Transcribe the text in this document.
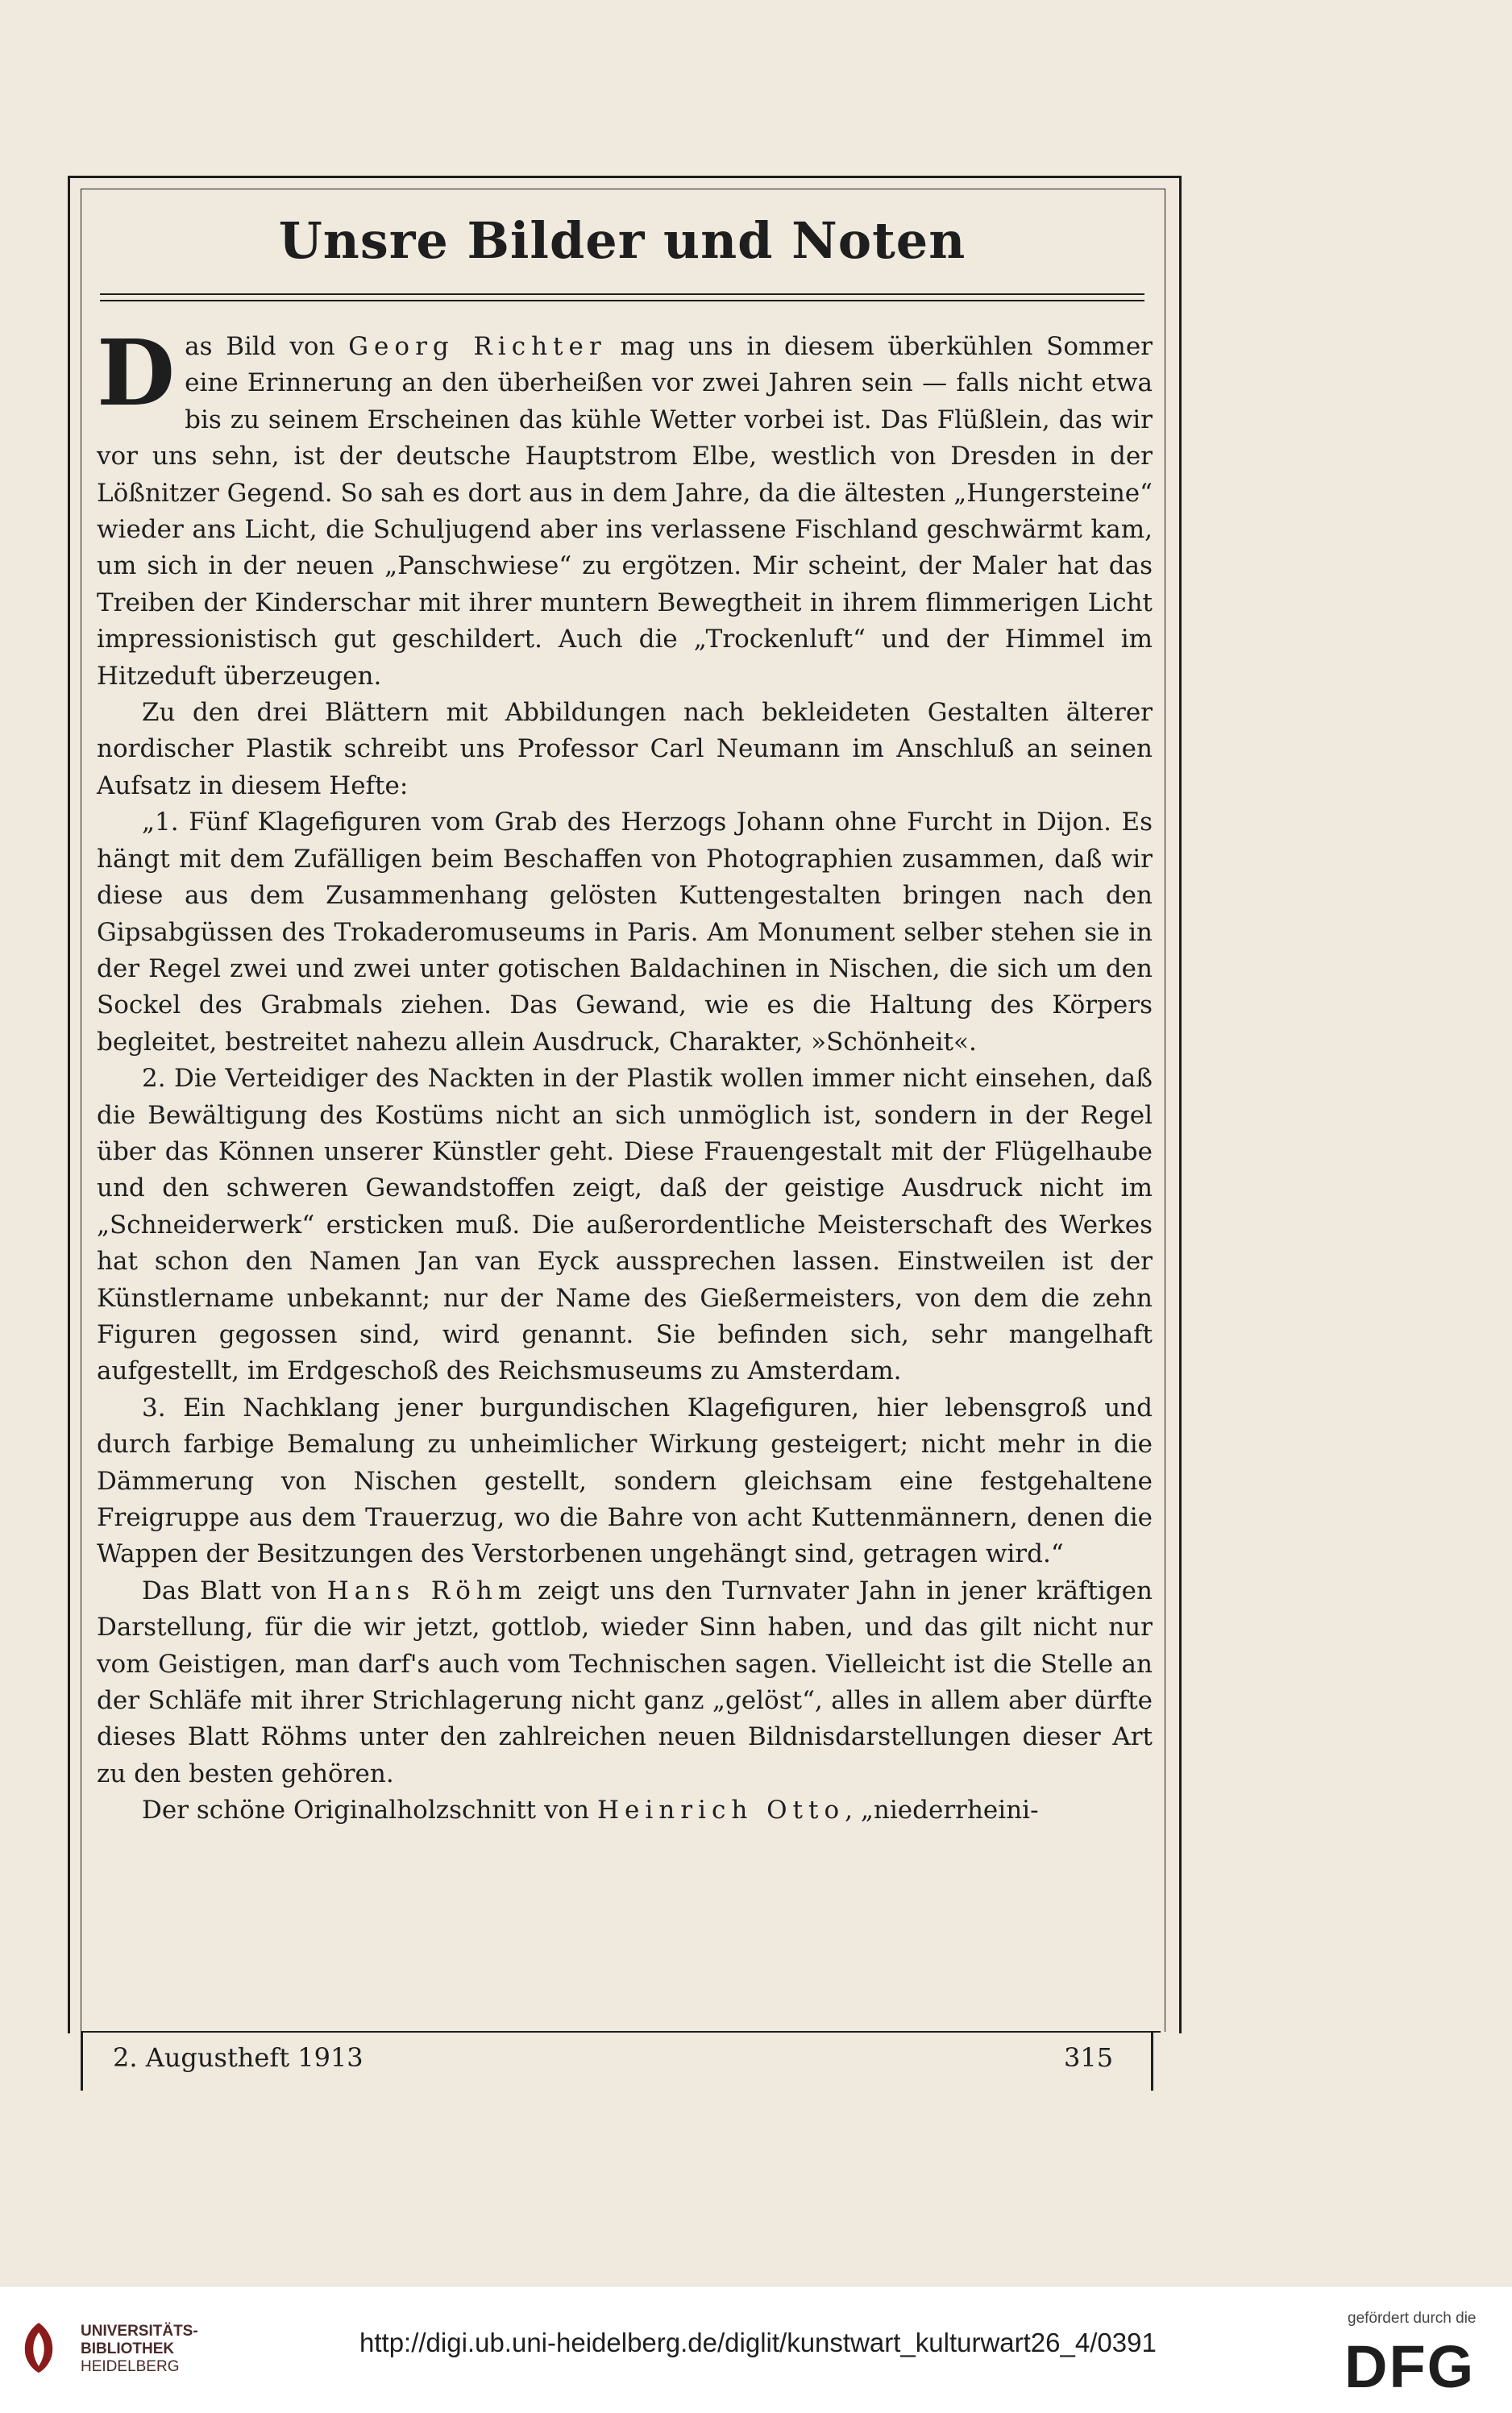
Unsre Bilder und Noten

Das Bild von Georg Richter mag uns in diesem überkühlen Sommer eine Erinnerung an den überheißen vor zwei Jahren sein — falls nicht etwa bis zu seinem Erscheinen das kühle Wetter vorbei ist. Das Flüßlein, das wir vor uns sehn, ist der deutsche Hauptstrom Elbe, westlich von Dresden in der Lößnitzer Gegend. So sah es dort aus in dem Jahre, da die ältesten „Hungersteine“ wieder ans Licht, die Schuljugend aber ins verlassene Fischland geschwärmt kam, um sich in der neuen „Panschwiese“ zu ergötzen. Mir scheint, der Maler hat das Treiben der Kinderschar mit ihrer muntern Bewegtheit in ihrem flimmerigen Licht impressionistisch gut geschildert. Auch die „Trockenluft“ und der Himmel im Hitzeduft überzeugen.

Zu den drei Blättern mit Abbildungen nach bekleideten Gestalten älterer nordischer Plastik schreibt uns Professor Carl Neumann im Anschluß an seinen Aufsatz in diesem Hefte:

„1. Fünf Klagefiguren vom Grab des Herzogs Johann ohne Furcht in Dijon. Es hängt mit dem Zufälligen beim Beschaffen von Photographien zusammen, daß wir diese aus dem Zusammenhang gelösten Kuttengestalten bringen nach den Gipsabgüssen des Trokaderomuseums in Paris. Am Monument selber stehen sie in der Regel zwei und zwei unter gotischen Baldachinen in Nischen, die sich um den Sockel des Grabmals ziehen. Das Gewand, wie es die Haltung des Körpers begleitet, bestreitet nahezu allein Ausdruck, Charakter, »Schönheit«.

2. Die Verteidiger des Nackten in der Plastik wollen immer nicht einsehen, daß die Bewältigung des Kostüms nicht an sich unmöglich ist, sondern in der Regel über das Können unserer Künstler geht. Diese Frauengestalt mit der Flügelhaube und den schweren Gewandstoffen zeigt, daß der geistige Ausdruck nicht im „Schneiderwerk“ ersticken muß. Die außerordentliche Meisterschaft des Werkes hat schon den Namen Jan van Eyck aussprechen lassen. Einstweilen ist der Künstlername unbekannt; nur der Name des Gießermeisters, von dem die zehn Figuren gegossen sind, wird genannt. Sie befinden sich, sehr mangelhaft aufgestellt, im Erdgeschoß des Reichsmuseums zu Amsterdam.

3. Ein Nachklang jener burgundischen Klagefiguren, hier lebensgroß und durch farbige Bemalung zu unheimlicher Wirkung gesteigert; nicht mehr in die Dämmerung von Nischen gestellt, sondern gleichsam eine festgehaltene Freigruppe aus dem Trauerzug, wo die Bahre von acht Kuttenmännern, denen die Wappen der Besitzungen des Verstorbenen ungehängt sind, getragen wird.“

Das Blatt von Hans Röhm zeigt uns den Turnvater Jahn in jener kräftigen Darstellung, für die wir jetzt, gottlob, wieder Sinn haben, und das gilt nicht nur vom Geistigen, man darf's auch vom Technischen sagen. Vielleicht ist die Stelle an der Schläfe mit ihrer Strichlagerung nicht ganz „gelöst“, alles in allem aber dürfte dieses Blatt Röhms unter den zahlreichen neuen Bildnisdarstellungen dieser Art zu den besten gehören.

Der schöne Originalholzschnitt von Heinrich Otto, „niederrheini-

2. Augustheft 1913	315
UNIVERSITÄTS-
BIBLIOTHEK
HEIDELBERG
http://digi.ub.uni-heidelberg.de/diglit/kunstwart_kulturwart26_4/0391
gefördert durch die
DFG
